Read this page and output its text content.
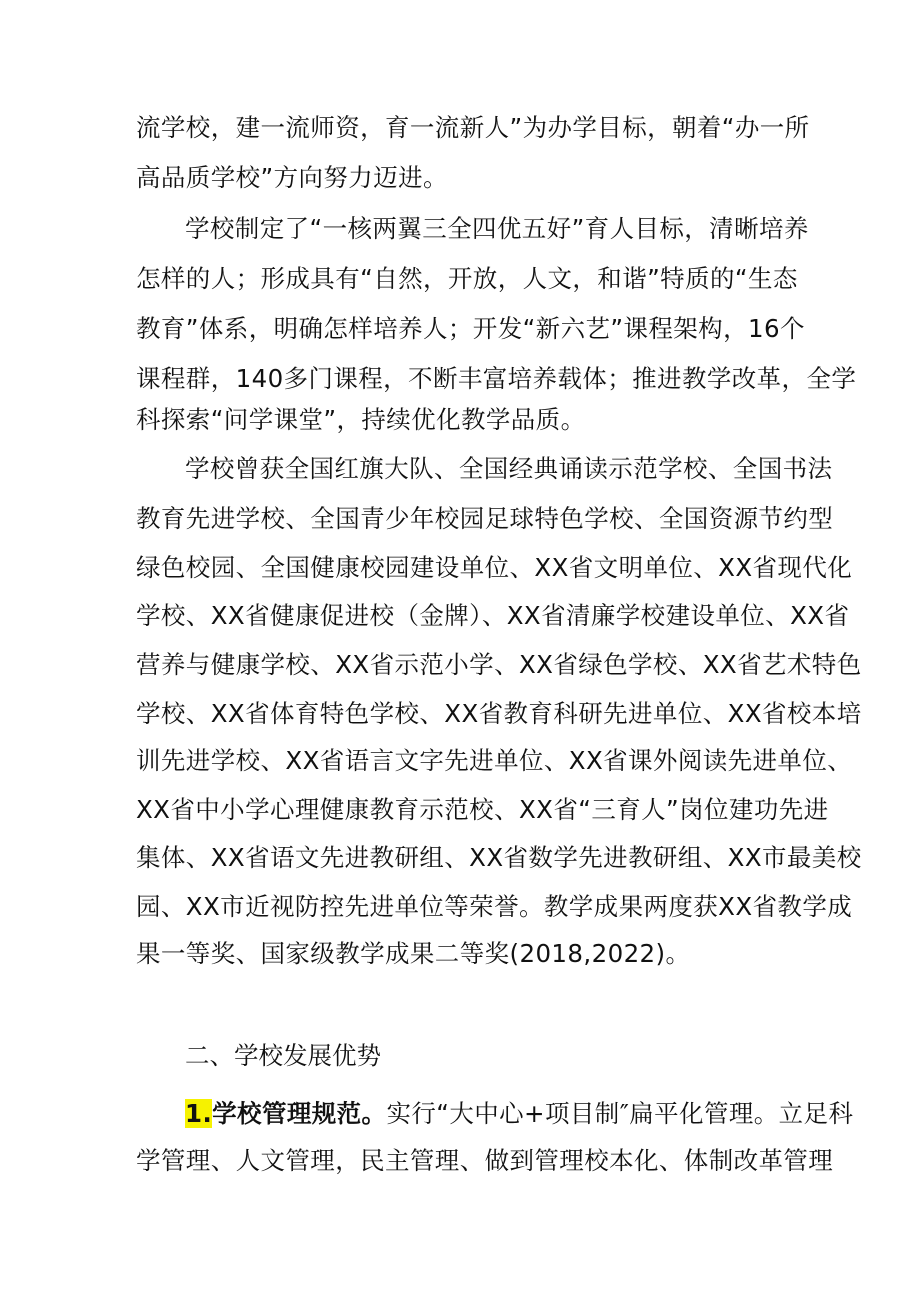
流学校，建一流师资，育一流新人”为办学目标，朝着“办一所
高品质学校”方向努力迈进。
学校制定了“一核两翼三全四优五好”育人目标，清晰培养
怎样的人；形成具有“自然，开放，人文，和谐”特质的“生态
教育”体系，明确怎样培养人；开发“新六艺”课程架构，16个
课程群，140多门课程，不断丰富培养载体；推进教学改革，全学
科探索“问学课堂”，持续优化教学品质。
学校曾获全国红旗大队、全国经典诵读示范学校、全国书法
教育先进学校、全国青少年校园足球特色学校、全国资源节约型
绿色校园、全国健康校园建设单位、XX省文明单位、XX省现代化
学校、XX省健康促进校（金牌）、XX省清廉学校建设单位、XX省
营养与健康学校、XX省示范小学、XX省绿色学校、XX省艺术特色
学校、XX省体育特色学校、XX省教育科研先进单位、XX省校本培
训先进学校、XX省语言文字先进单位、XX省课外阅读先进单位、
XX省中小学心理健康教育示范校、XX省“三育人”岗位建功先进
集体、XX省语文先进教研组、XX省数学先进教研组、XX市最美校
园、XX市近视防控先进单位等荣誉。教学成果两度获XX省教学成
果一等奖、国家级教学成果二等奖(2018,2022)。
二、学校发展优势
1.学校管理规范。实行“大中心+项目制″扁平化管理。立足科
学管理、人文管理，民主管理、做到管理校本化、体制改革管理
